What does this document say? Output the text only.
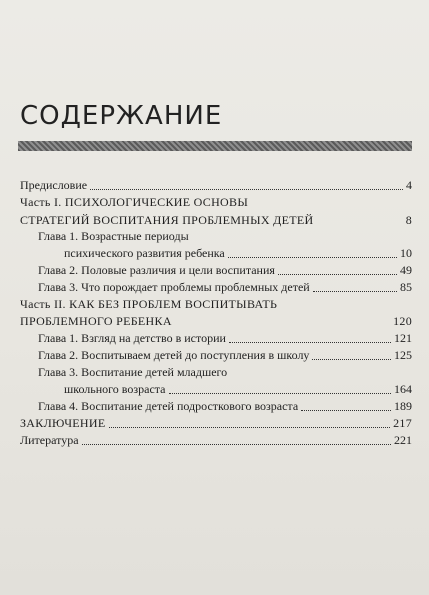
СОДЕРЖАНИЕ
Предисловие	4
Часть I. ПСИХОЛОГИЧЕСКИЕ ОСНОВЫ
СТРАТЕГИЙ ВОСПИТАНИЯ ПРОБЛЕМНЫХ ДЕТЕЙ	8
Глава 1. Возрастные периоды
психического развития ребенка	10
Глава 2. Половые различия и цели воспитания	49
Глава 3. Что порождает проблемы проблемных детей	85
Часть II. КАК БЕЗ ПРОБЛЕМ ВОСПИТЫВАТЬ
ПРОБЛЕМНОГО РЕБЕНКА	120
Глава 1. Взгляд на детство в истории	121
Глава 2. Воспитываем детей до поступления в школу	125
Глава 3. Воспитание детей младшего
школьного возраста	164
Глава 4. Воспитание детей подросткового возраста	189
ЗАКЛЮЧЕНИЕ	217
Литература	221
